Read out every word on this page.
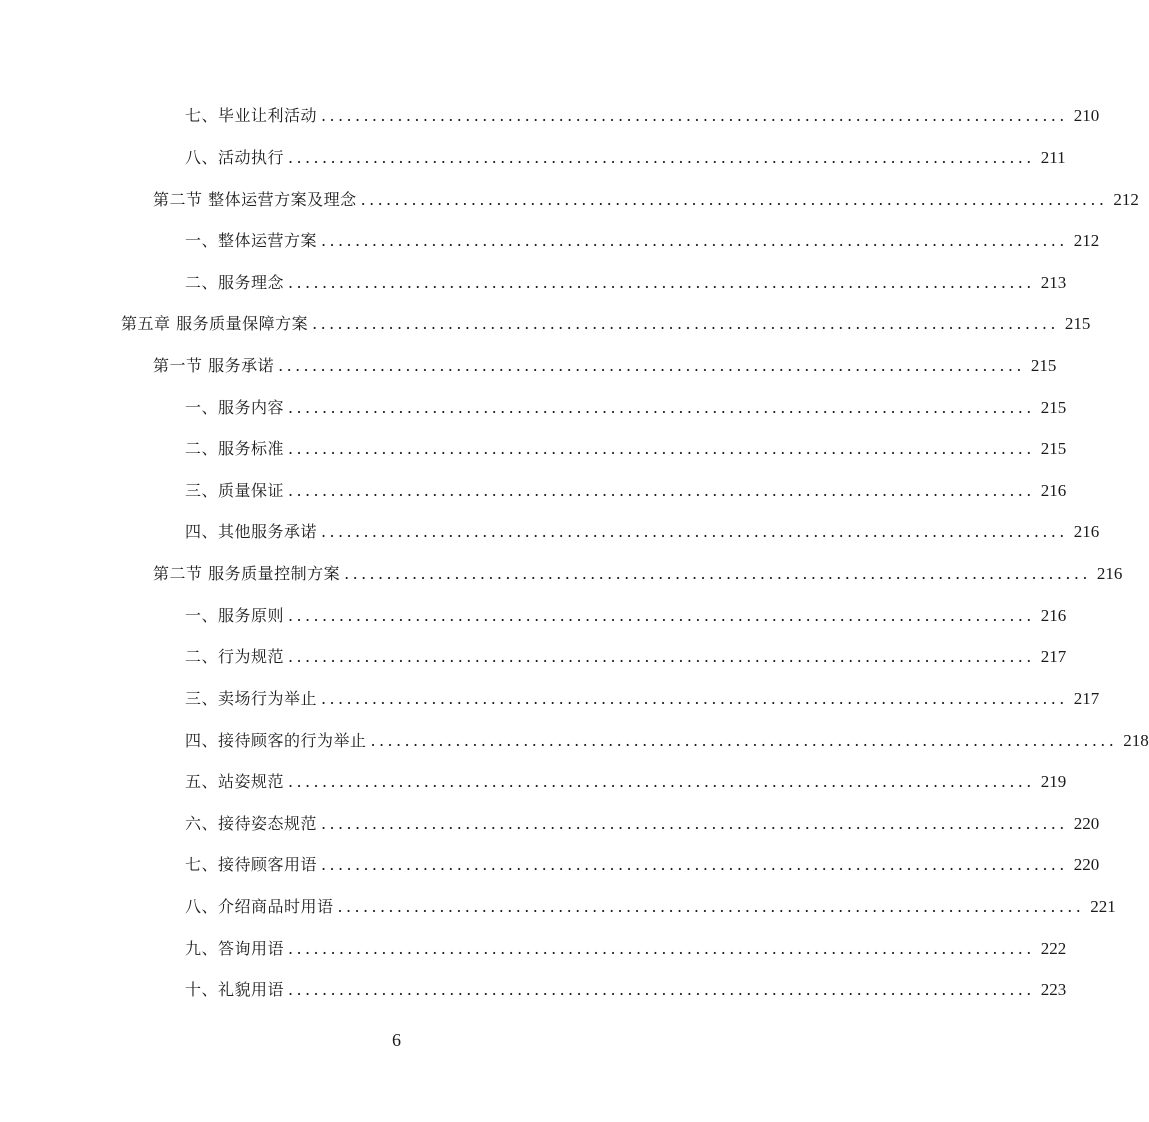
七、毕业让利活动 ........................................................................................ 210
八、活动执行 ........................................................................................ 211
第二节 整体运营方案及理念 ........................................................................................ 212
一、整体运营方案 ........................................................................................ 212
二、服务理念 ........................................................................................ 213
第五章 服务质量保障方案 ........................................................................................ 215
第一节 服务承诺 ........................................................................................ 215
一、服务内容 ........................................................................................ 215
二、服务标准 ........................................................................................ 215
三、质量保证 ........................................................................................ 216
四、其他服务承诺 ........................................................................................ 216
第二节 服务质量控制方案 ........................................................................................ 216
一、服务原则 ........................................................................................ 216
二、行为规范 ........................................................................................ 217
三、卖场行为举止 ........................................................................................ 217
四、接待顾客的行为举止 ........................................................................................ 218
五、站姿规范 ........................................................................................ 219
六、接待姿态规范 ........................................................................................ 220
七、接待顾客用语 ........................................................................................ 220
八、介绍商品时用语 ........................................................................................ 221
九、答询用语 ........................................................................................ 222
十、礼貌用语 ........................................................................................ 223
6
